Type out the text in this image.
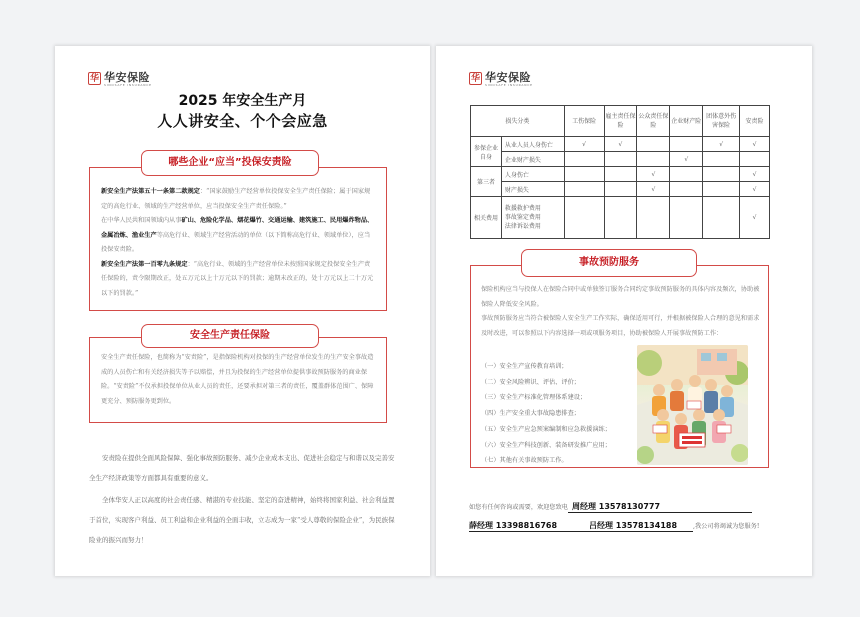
华 华安保险
SINOSAFE INSURANCE
2025 年安全生产月
人人讲安全、个个会应急
新安全生产法第五十一条第二款规定：“国家鼓励生产经营单位投保安全生产责任保险；属于国家规定的高危行业、领域的生产经营单位，应当投保安全生产责任保险。”
在中华人民共和国领域内从事矿山、危险化学品、烟花爆竹、交通运输、建筑施工、民用爆炸物品、金属冶炼、渔业生产等高危行业、领域生产经营活动的单位（以下简称高危行业、领域单位），应当投保安责险。
新安全生产法第一百零九条规定：“高危行业、领域的生产经营单位未按照国家规定投保安全生产责任保险的，责令限期改正，处五万元以上十万元以下的罚款；逾期未改正的，处十万元以上二十万元以下的罚款。”
哪些企业“应当”投保安责险
安全生产责任保险，也简称为“安责险”，是指保险机构对投保的生产经营单位发生的生产安全事故造成的人员伤亡和有关经济损失等予以赔偿，并且为投保的生产经营单位提供事故预防服务的商业保险。“安责险”不仅承担投保单位从业人员的责任，还要承担对第三者的责任，覆盖群体范围广、保障更充分、预防服务更到位。
安全生产责任保险
安责险在提供全面风险保障、强化事故预防服务、减少企业成本支出、促进社会稳定与和谐以及完善安全生产经济政策等方面都具有重要的意义。
全体华安人正以高度的社会责任感、精湛的专业技能、坚定的奋进精神，始终将国家利益、社会利益置于首位，实现客户利益、员工利益和企业利益的全面丰收，立志成为一家“受人尊敬的保险企业”，为民族保险业的振兴而努力！
华 华安保险
SINOSAFE INSURANCE
损失分类		工伤保险	雇主责任保险	公众责任保险	企业财产险	团体意外伤害保险	安责险
参保企业自身	从业人员人身伤亡	√	√			√	√
	企业财产损失				√		
第三者	人身伤亡			√			√
	财产损失			√			√
相关费用	救援救护费用
事故鉴定费用
法律诉讼费用						√
保险机构应当与投保人在保险合同中或单独签订服务合同约定事故预防服务的具体内容及频次，协助被保险人降低安全风险。
事故预防服务应当符合被保险人安全生产工作实际，确保适用可行，并根据被保险人合理的意见和需求及时改进，可以参照以下内容选择一项或项服务项目，协助被保险人开展事故预防工作：
事故预防服务
（一）安全生产宣传教育培训；
（二）安全风险辨识、评估、评价；
（三）安全生产标准化管理体系建设；
（四）生产安全重大事故隐患排查；
（五）安全生产应急预案编制和应急救援演练；
（六）安全生产科技创新、装备研发推广应用；
（七）其他有关事故预防工作。
如您有任何咨询或需要，欢迎您致电 周经理 13578130777
薛经理 13398816768	吕经理 13578134188	,我公司将竭诚为您服务!
